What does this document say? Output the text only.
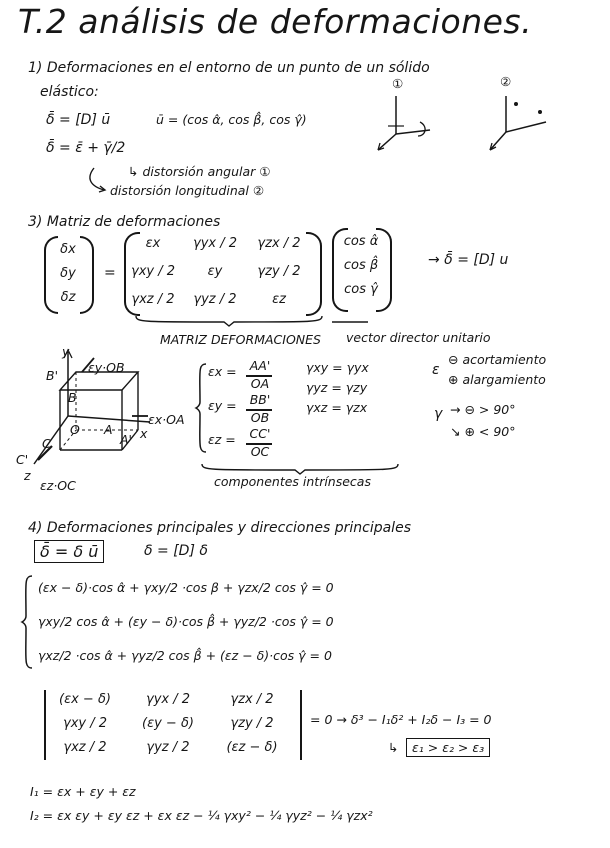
T.2 análisis de deformaciones.
1) Deformaciones en el entorno de un punto de un sólido
elástico:
δ̄ = [D] ū	ū = (cos α̂, cos β̂, cos γ̂)
δ̄ = ε̄ + γ̄/2
↳ distorsión angular ①
distorsión longitudinal ②
①	②
3) Matriz de deformaciones
δx
δy
δz
=
εx	γyx / 2	γzx / 2
γxy / 2	εy	γzy / 2
γxz / 2	γyz / 2	εz
cos α̂
cos β̂
cos γ̂
→ δ̄ = [D] u
MATRIZ DEFORMACIONES vector director unitario
y
εy·OB
B'
B
O A
A'
εx·OA
x
C
C'
z
εz·OC
εx = AA'
OA
εy = BB'
OB
εz = CC'
OC
γxy = γyx
γyz = γzy
γxz = γzx
componentes intrínsecas
ε
⊖ acortamiento
⊕ alargamiento
γ → ⊖ > 90°
↘ ⊕ < 90°
4) Deformaciones principales y direcciones principales
δ̄ = δ ū	δ = [D] δ
(εx − δ)·cos α̂ + γxy/2 ·cos β + γzx/2 cos γ̂ = 0
γxy/2 cos α̂ + (εy − δ)·cos β̂ + γyz/2 ·cos γ̂ = 0
γxz/2 ·cos α̂ + γyz/2 cos β̂ + (εz − δ)·cos γ̂ = 0
(εx − δ)	γyx / 2	γzx / 2
γxy / 2	(εy − δ)	γzy / 2
γxz / 2	γyz / 2	(εz − δ)
= 0 → δ³ − I₁δ² + I₂δ − I₃ = 0
↳	ε₁ > ε₂ > ε₃
I₁ = εx + εy + εz
I₂ = εx εy + εy εz + εx εz − ¼ γxy² − ¼ γyz² − ¼ γzx²
